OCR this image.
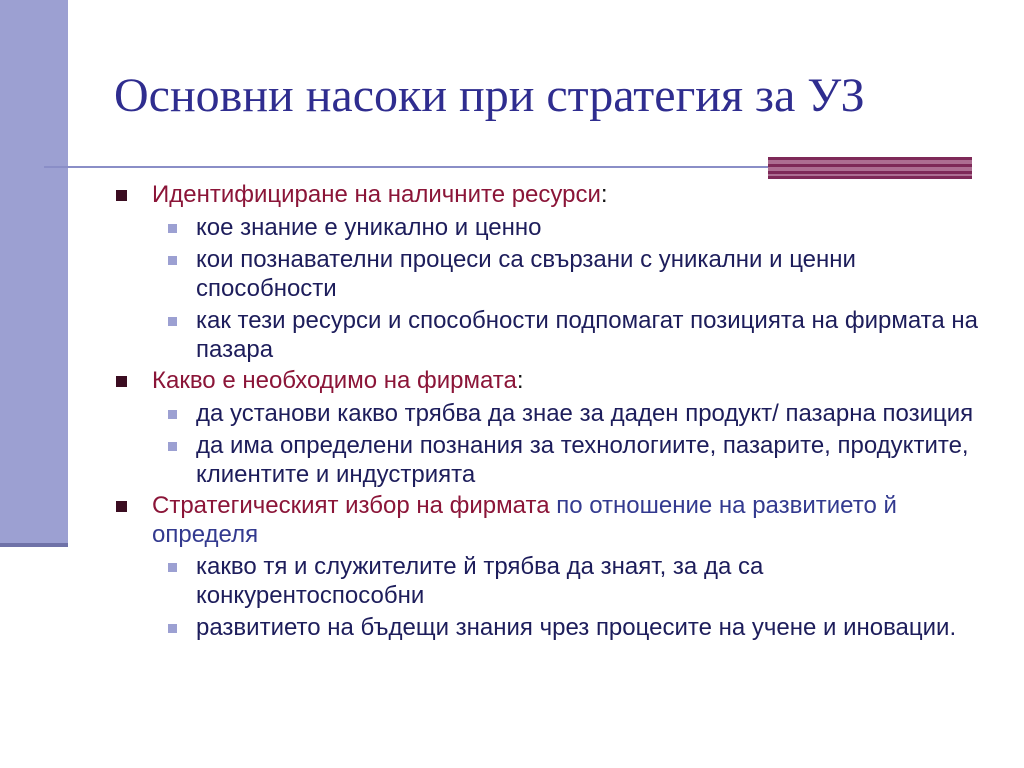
Основни насоки при стратегия за УЗ
Идентифициране на наличните ресурси:
кое знание е уникално и ценно
кои познавателни процеси са свързани с уникални и ценни способности
как тези ресурси и способности подпомагат позицията на фирмата на пазара
Какво е необходимо на фирмата:
да установи какво трябва да знае за даден продукт/ пазарна позиция
да има определени познания за технологиите, пазарите, продуктите, клиентите и индустрията
Стратегическият избор на фирмата по отношение на развитието й определя
какво тя и служителите й трябва да знаят, за да са конкурентоспособни
развитието на бъдещи знания чрез процесите на учене и иновации.
